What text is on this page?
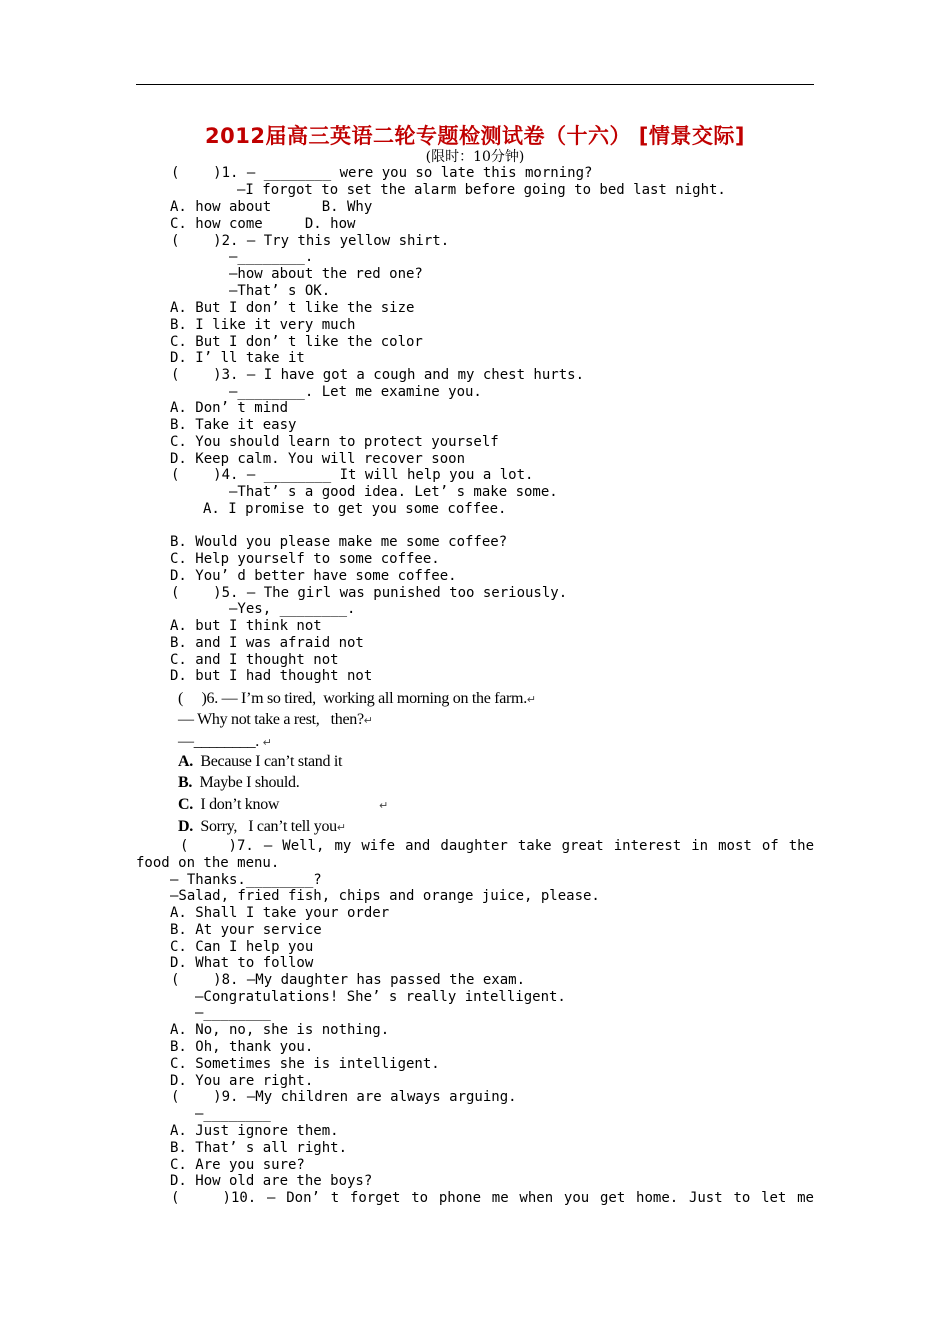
2012届高三英语二轮专题检测试卷（十六） [情景交际]
(限时：10分钟)
(    )1. — ________ were you so late this morning?
—I forgot to set the alarm before going to bed last night.
A. how about      B. Why
C. how come     D. how
(    )2. — Try this yellow shirt.
—________.
—how about the red one?
—That’ s OK.
A. But I don’ t like the size
B. I like it very much
C. But I don’ t like the color
D. I’ ll take it
(    )3. — I have got a cough and my chest hurts.
—________. Let me examine you.
A. Don’ t mind
B. Take it easy
C. You should learn to protect yourself
D. Keep calm. You will recover soon
(    )4. — ________ It will help you a lot.
—That’ s a good idea. Let’ s make some.
A. I promise to get you some coffee.
B. Would you please make me some coffee?
C. Help yourself to some coffee.
D. You’ d better have some coffee.
(    )5. — The girl was punished too seriously.
—Yes, ________.
A. but I think not
B. and I was afraid not
C. and I thought not
D. but I had thought not
(     )6. — I’m so tired,  working all morning on the farm.↵
— Why not take a rest,   then?↵
—________. ↵
A. Because I can’t stand it
B. Maybe I should.
C. I don’t know	↵
D. Sorry,   I can’t tell you↵
(    )7. — Well, my wife and daughter take great interest in most of the
food on the menu.
— Thanks.________?
—Salad, fried fish, chips and orange juice, please.
A. Shall I take your order
B. At your service
C. Can I help you
D. What to follow
(    )8. —My daughter has passed the exam.
—Congratulations! She’ s really intelligent.
—________
A. No, no, she is nothing.
B. Oh, thank you.
C. Sometimes she is intelligent.
D. You are right.
(    )9. —My children are always arguing.
—________
A. Just ignore them.
B. That’ s all right.
C. Are you sure?
D. How old are the boys?
(    )10. — Don’ t forget to phone me when you get home. Just to let me
